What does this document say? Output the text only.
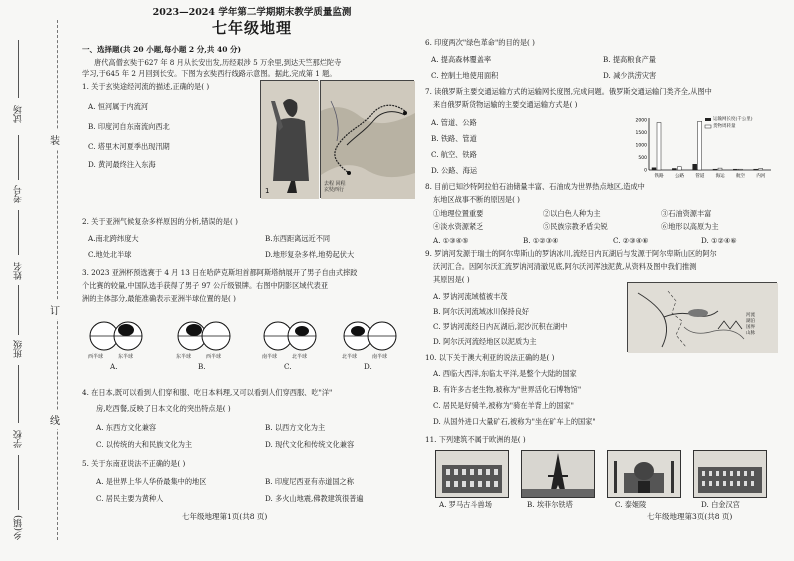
试场
考号
姓名
班级
学校
乡(镇)
装
订
线
2023—2024 学年第二学期期末教学质量监测
七年级地理
一、选择题(共 20 小题,每小题 2 分,共 40 分)
唐代高僧玄奘于627 年 8 月从长安出发,历经艰涉 5 万余里,到达天竺那烂陀寺
学习,于645 年 2 月回到长安。下图为玄奘西行线路示意图。据此,完成第 1 题。
1. 关于玄奘途经河流的描述,正确的是( )
A. 恒河属于内流河
B. 印度河自东南流向西北
C. 塔里木河夏季出现汛期
D. 黄河最终注入东海
1
去程 回程
玄奘西行
2. 关于亚洲气候复杂多样原因的分析,错误的是( )
A.南北跨纬度大	B.东西距离远近不同
C.地处北半球	D.地形复杂多样,地势起伏大
3. 2023 亚洲杯预选赛于 4 月 13 日在哈萨克斯坦首都阿斯塔纳展开了男子自由式摔跤
个比赛的较量,中国队选手获得了男子 97 公斤级银牌。右图中阴影区域代表亚
洲的主体部分,最能准确表示亚洲半球位置的是( )
西半球	东半球	东半球	西半球	南半球	北半球	北半球	南半球
A.	B.	C.	D.
4. 在日本,既可以看到人们穿和服、吃日本料理,又可以看到人们穿西服、吃"洋"
房,吃西餐,反映了日本文化的突出特点是( )
A. 东西方文化兼容	B. 以西方文化为主
C. 以传统的大和民族文化为主	D. 现代文化和传统文化兼容
5. 关于东南亚说法不正确的是( )
A. 是世界上华人华侨最集中的地区	B. 印度尼西亚有赤道国之称
C. 居民主要为黄种人	D. 多火山地震,佛教建筑很普遍
七年级地理第1页(共8 页)
6. 印度两次"绿色革命"的目的是( )
A. 提高森林覆盖率	B. 提高粮食产量
C. 控制土地使用面积	D. 减少洪涝灾害
7. 读俄罗斯主要交通运输方式的运输网长度图,完成问题。俄罗斯交通运输门类齐全,从图中
来自俄罗斯货物运输的主要交通运输方式是( )
A. 管道、公路
B. 铁路、管道
C. 航空、铁路
D. 公路、海运
2000
1500
1000
500
0
铁路	公路	管道	海运	航空	内河
运输网长度(千公里)
货物周转量
8. 目前已知沙特阿拉伯石油储量丰富、石油成为世界热点地区,造成中
东地区战事不断的原因是( )
①地理位置重要	②以白色人种为主	③石油资源丰富
④淡水资源紧乏	⑤民族宗教矛盾尖锐	⑥地形以高原为主
A. ①③④⑤	B. ①②③④	C. ②③④⑥	D. ①②④⑥
9. 罗讷河发源于瑞士的阿尔卑斯山的罗讷冰川,流经日内瓦湖后与发源于阿尔卑斯山区的阿尔
沃河汇合。因阿尔沃汇流罗讷河清澈见底,阿尔沃河浑浊泥黄,从资料及图中我们推测
其原因是( )
A. 罗讷河流域植被丰茂
B. 阿尔沃河流域冰川保持良好
C. 罗讷河流经日内瓦湖后,泥沙沉积在湖中
D. 阿尔沃河流经地区以泥质为主
河流
湖泊
国界
山脉
10. 以下关于澳大利亚的说法正确的是( )
A. 西临大西洋,东临太平洋,是整个大陆的国家
B. 有许多古老生物,被称为"世界活化石博物馆"
C. 居民是好骑羊,被称为"骑在羊背上的国家"
D. 从国外进口大量矿石,被称为"坐在矿车上的国家"
11. 下列建筑不属于欧洲的是( )
A. 罗马古斗兽场	B. 埃菲尔铁塔	C. 泰姬陵	D. 白金汉宫
七年级地理第3页(共8 页)
